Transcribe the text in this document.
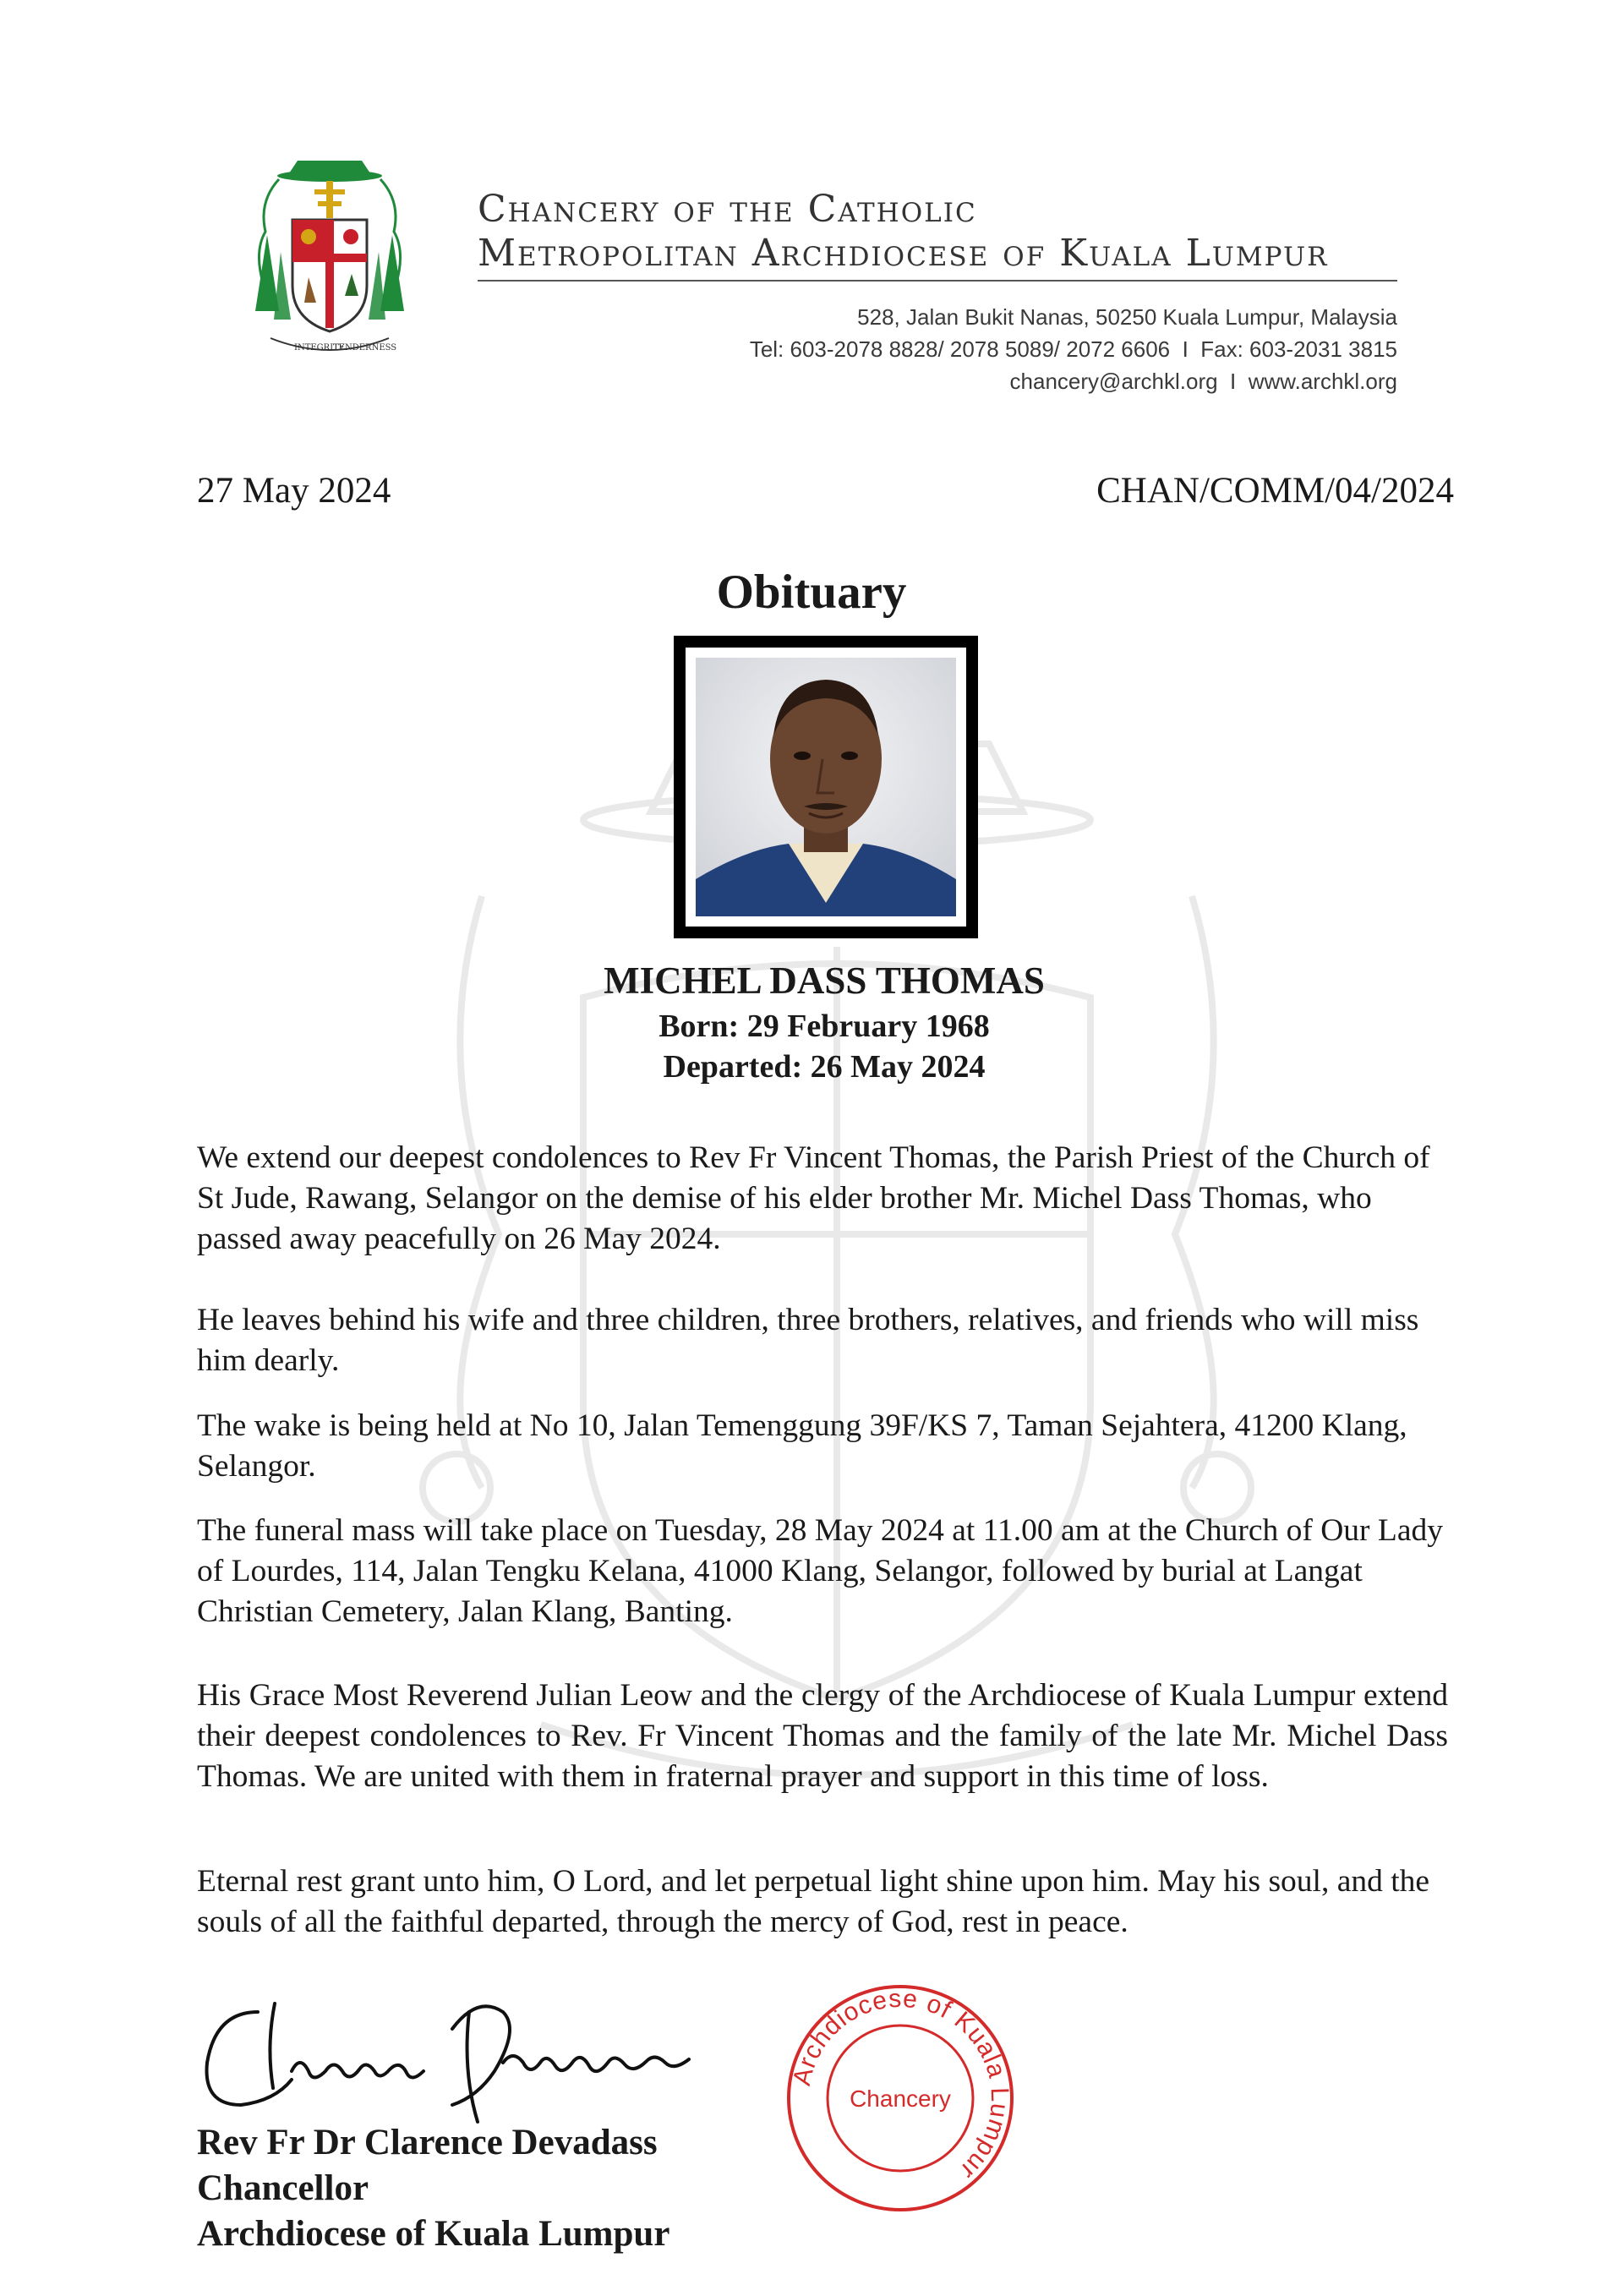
INTEGRITY
TENDERNESS
Chancery of the Catholic
Metropolitan Archdiocese of Kuala Lumpur
528, Jalan Bukit Nanas, 50250 Kuala Lumpur, Malaysia
Tel: 603-2078 8828/ 2078 5089/ 2072 6606  I  Fax: 603-2031 3815
chancery@archkl.org  I  www.archkl.org
27 May 2024	CHAN/COMM/04/2024
Obituary
MICHEL DASS THOMAS
Born: 29 February 1968
Departed: 26 May 2024
We extend our deepest condolences to Rev Fr Vincent Thomas, the Parish Priest of the Church of St Jude, Rawang, Selangor on the demise of his elder brother Mr. Michel Dass Thomas, who passed away peacefully on 26 May 2024.
He leaves behind his wife and three children, three brothers, relatives, and friends who will miss him dearly.
The wake is being held at No 10, Jalan Temenggung 39F/KS 7, Taman Sejahtera, 41200 Klang, Selangor.
The funeral mass will take place on Tuesday, 28 May 2024 at 11.00 am at the Church of Our Lady of Lourdes, 114, Jalan Tengku Kelana, 41000 Klang, Selangor, followed by burial at Langat Christian Cemetery, Jalan Klang, Banting.
His Grace Most Reverend Julian Leow and the clergy of the Archdiocese of Kuala Lumpur extend their deepest condolences to Rev. Fr Vincent Thomas and the family of the late Mr. Michel Dass Thomas. We are united with them in fraternal prayer and support in this time of loss.
Eternal rest grant unto him, O Lord, and let perpetual light shine upon him. May his soul, and the souls of all the faithful departed, through the mercy of God, rest in peace.
Rev Fr Dr Clarence Devadass
Chancellor
Archdiocese of Kuala Lumpur
Archdiocese of Kuala Lumpur
Chancery
